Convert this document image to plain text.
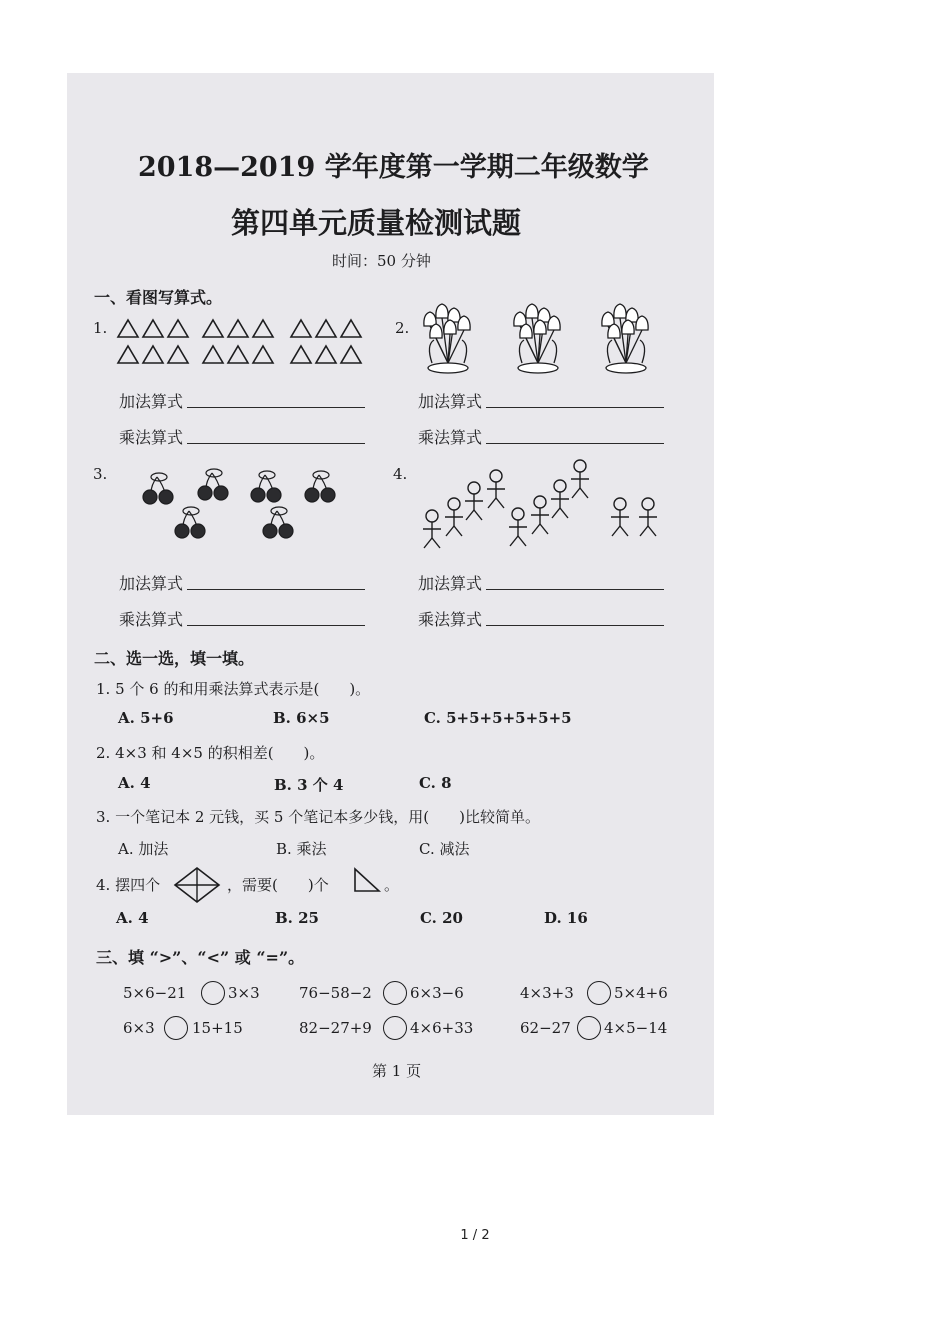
2018—2019 学年度第一学期二年级数学
第四单元质量检测试题
时间：50 分钟
一、看图写算式。
1.	2.
加法算式
乘法算式
加法算式
乘法算式
3.	4.
加法算式
乘法算式
加法算式
乘法算式
二、选一选，填一填。
1. 5 个 6 的和用乘法算式表示是(　　)。
A. 5+6	B. 6×5	C. 5+5+5+5+5+5
2. 4×3 和 4×5 的积相差(　　)。
A. 4	B. 3 个 4	C. 8
3. 一个笔记本 2 元钱，买 5 个笔记本多少钱，用(　　)比较简单。
A. 加法	B. 乘法	C. 减法
4. 摆四个	，需要(　　)个	。
A. 4	B. 25	C. 20	D. 16
三、填 “>”、“<” 或 “=”。
5×6−21	3×3	76−58−2	6×3−6	4×3+3	5×4+6
6×3 15+15	82−27+9	4×6+33	62−27 4×5−14
第 1 页
1 / 2
